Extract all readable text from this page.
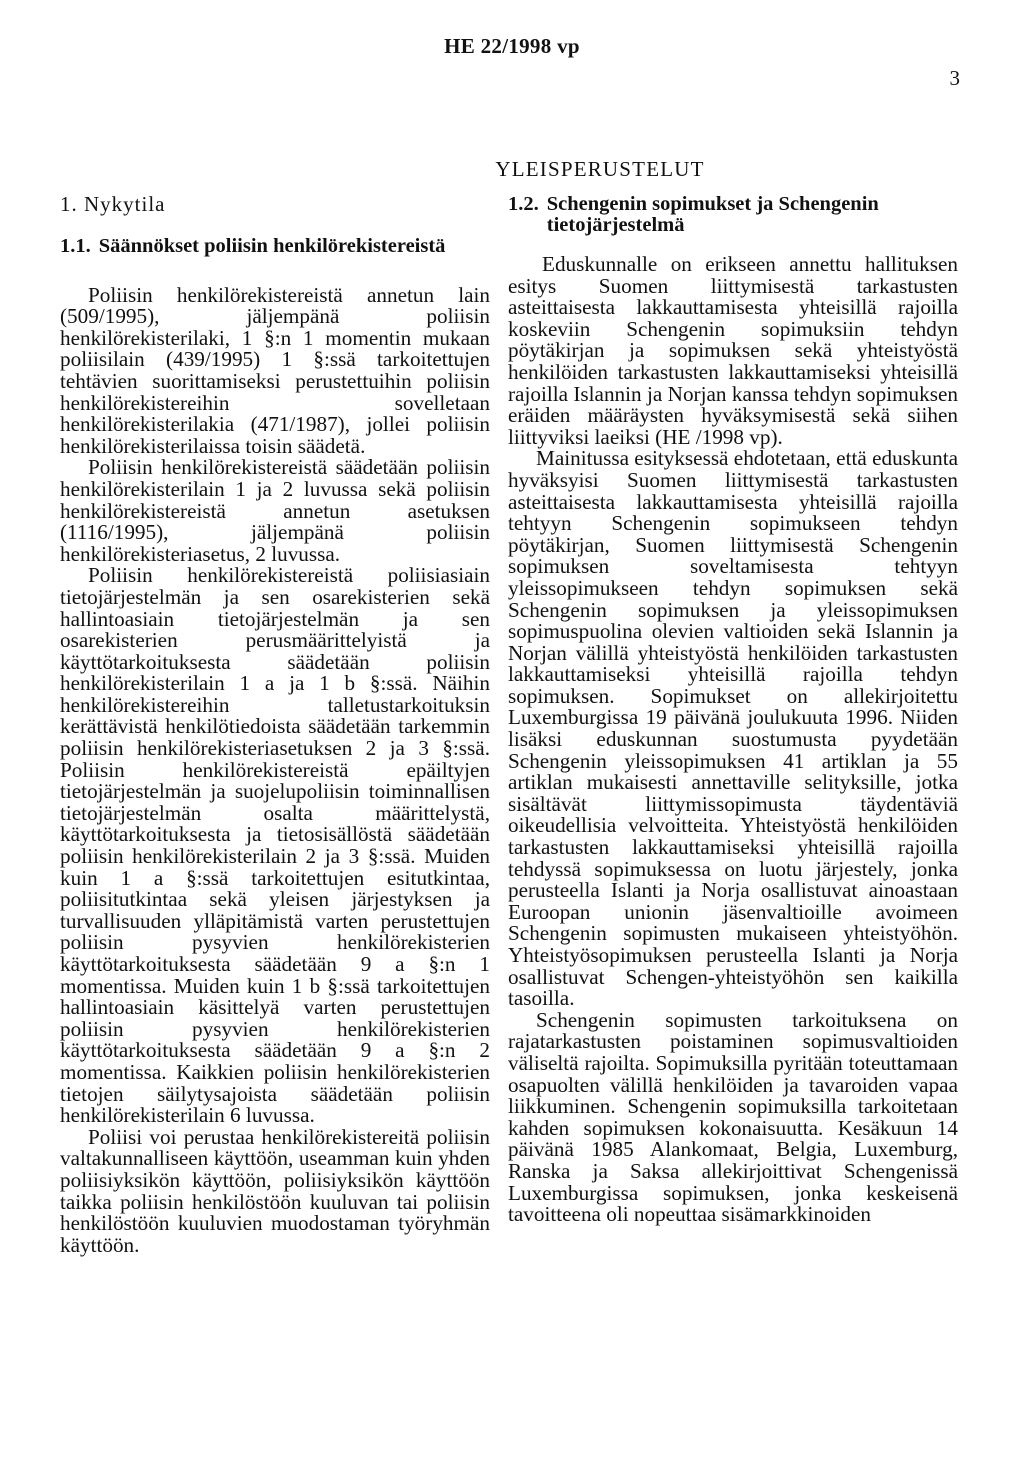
HE 22/1998 vp
3
YLEISPERUSTELUT
1. Nykytila
1.1. Säännökset poliisin henkilörekistereistä

Poliisin henkilörekistereistä annetun lain (509/1995), jäljempänä poliisin henkilörekisterilaki, 1 §:n 1 momentin mukaan poliisilain (439/1995) 1 §:ssä tarkoitettujen tehtävien suorittamiseksi perustettuihin poliisin henkilörekistereihin sovelletaan henkilörekisterilakia (471/1987), jollei poliisin henkilörekisterilaissa toisin säädetä.

Poliisin henkilörekistereistä säädetään poliisin henkilörekisterilain 1 ja 2 luvussa sekä poliisin henkilörekistereistä annetun asetuksen (1116/1995), jäljempänä poliisin henkilörekisteriasetus, 2 luvussa.

Poliisin henkilörekistereistä poliisiasiain tietojärjestelmän ja sen osarekisterien sekä hallintoasiain tietojärjestelmän ja sen osarekisterien perusmäärittelyistä ja käyttötarkoituksesta säädetään poliisin henkilörekisterilain 1 a ja 1 b §:ssä. Näihin henkilörekistereihin talletustarkoituksin kerättävistä henkilötiedoista säädetään tarkemmin poliisin henkilörekisteriasetuksen 2 ja 3 §:ssä. Poliisin henkilörekistereistä epäiltyjen tietojärjestelmän ja suojelupoliisin toiminnallisen tietojärjestelmän osalta määrittelystä, käyttötarkoituksesta ja tietosisällöstä säädetään poliisin henkilörekisterilain 2 ja 3 §:ssä. Muiden kuin 1 a §:ssä tarkoitettujen esitutkintaa, poliisitutkintaa sekä yleisen järjestyksen ja turvallisuuden ylläpitämistä varten perustettujen poliisin pysyvien henkilörekisterien käyttötarkoituksesta säädetään 9 a §:n 1 momentissa. Muiden kuin 1 b §:ssä tarkoitettujen hallintoasiain käsittelyä varten perustettujen poliisin pysyvien henkilörekisterien käyttötarkoituksesta säädetään 9 a §:n 2 momentissa. Kaikkien poliisin henkilörekisterien tietojen säilytysajoista säädetään poliisin henkilörekisterilain 6 luvussa.

Poliisi voi perustaa henkilörekistereitä poliisin valtakunnalliseen käyttöön, useamman kuin yhden poliisiyksikön käyttöön, poliisiyksikön käyttöön taikka poliisin henkilöstöön kuuluvan tai poliisin henkilöstöön kuuluvien muodostaman työryhmän käyttöön.

1.2. Schengenin sopimukset ja Schengenin tietojärjestelmä

Eduskunnalle on erikseen annettu hallituksen esitys Suomen liittymisestä tarkastusten asteittaisesta lakkauttamisesta yhteisillä rajoilla koskeviin Schengenin sopimuksiin tehdyn pöytäkirjan ja sopimuksen sekä yhteistyöstä henkilöiden tarkastusten lakkauttamiseksi yhteisillä rajoilla Islannin ja Norjan kanssa tehdyn sopimuksen eräiden määräysten hyväksymisestä sekä siihen liittyviksi laeiksi (HE /1998 vp).

Mainitussa esityksessä ehdotetaan, että eduskunta hyväksyisi Suomen liittymisestä tarkastusten asteittaisesta lakkauttamisesta yhteisillä rajoilla tehtyyn Schengenin sopimukseen tehdyn pöytäkirjan, Suomen liittymisestä Schengenin sopimuksen soveltamisesta tehtyyn yleissopimukseen tehdyn sopimuksen sekä Schengenin sopimuksen ja yleissopimuksen sopimuspuolina olevien valtioiden sekä Islannin ja Norjan välillä yhteistyöstä henkilöiden tarkastusten lakkauttamiseksi yhteisillä rajoilla tehdyn sopimuksen. Sopimukset on allekirjoitettu Luxemburgissa 19 päivänä joulukuuta 1996. Niiden lisäksi eduskunnan suostumusta pyydetään Schengenin yleissopimuksen 41 artiklan ja 55 artiklan mukaisesti annettaville selityksille, jotka sisältävät liittymissopimusta täydentäviä oikeudellisia velvoitteita. Yhteistyöstä henkilöiden tarkastusten lakkauttamiseksi yhteisillä rajoilla tehdyssä sopimuksessa on luotu järjestely, jonka perusteella Islanti ja Norja osallistuvat ainoastaan Euroopan unionin jäsenvaltioille avoimeen Schengenin sopimusten mukaiseen yhteistyöhön. Yhteistyösopimuksen perusteella Islanti ja Norja osallistuvat Schengen-yhteistyöhön sen kaikilla tasoilla.

Schengenin sopimusten tarkoituksena on rajatarkastusten poistaminen sopimusvaltioiden väliseltä rajoilta. Sopimuksilla pyritään toteuttamaan osapuolten välillä henkilöiden ja tavaroiden vapaa liikkuminen. Schengenin sopimuksilla tarkoitetaan kahden sopimuksen kokonaisuutta. Kesäkuun 14 päivänä 1985 Alankomaat, Belgia, Luxemburg, Ranska ja Saksa allekirjoittivat Schengenissä Luxemburgissa sopimuksen, jonka keskeisenä tavoitteena oli nopeuttaa sisämarkkinoiden
